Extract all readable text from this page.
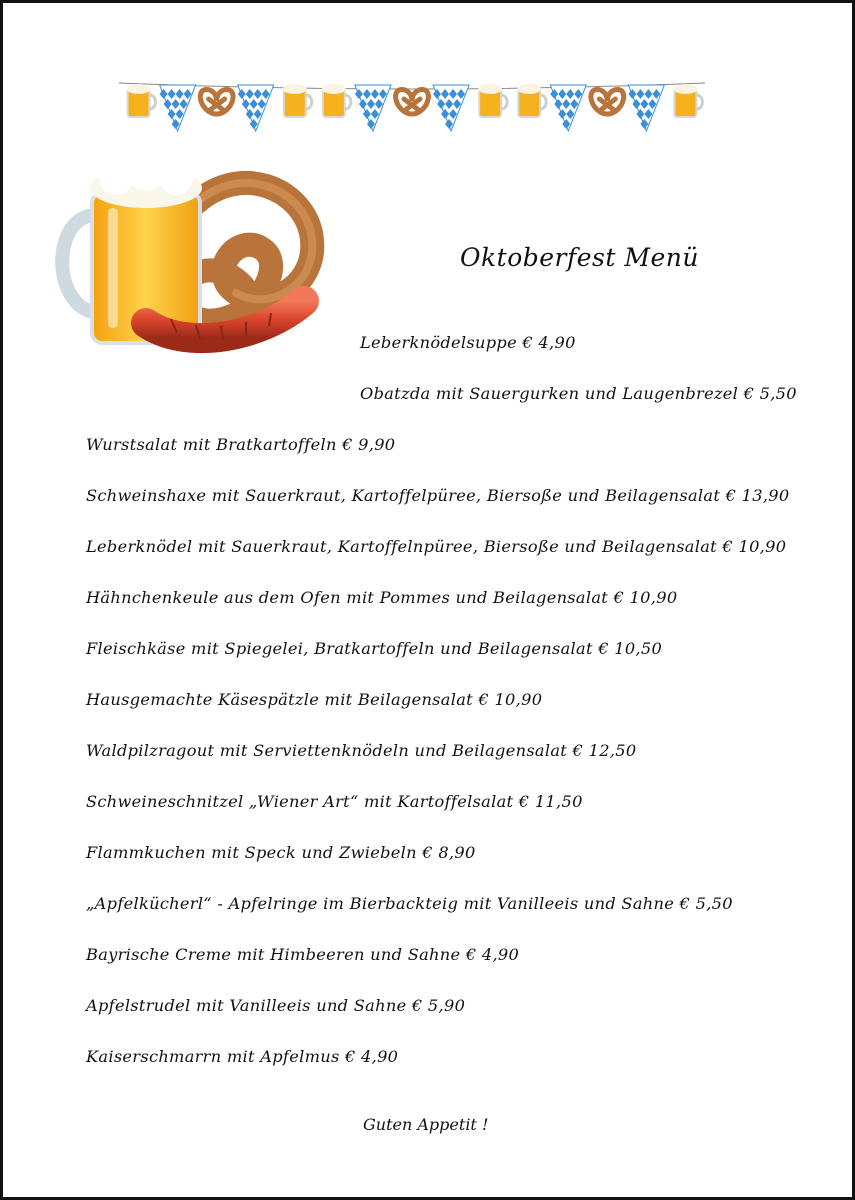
Oktoberfest Menü
Leberknödelsuppe € 4,90
Obatzda mit Sauergurken und Laugenbrezel € 5,50
Wurstsalat mit Bratkartoffeln € 9,90
Schweinshaxe mit Sauerkraut, Kartoffelpüree, Biersoße und Beilagensalat € 13,90
Leberknödel mit Sauerkraut, Kartoffelnpüree, Biersoße und Beilagensalat € 10,90
Hähnchenkeule aus dem Ofen mit Pommes und Beilagensalat € 10,90
Fleischkäse mit Spiegelei, Bratkartoffeln und Beilagensalat € 10,50
Hausgemachte Käsespätzle mit Beilagensalat € 10,90
Waldpilzragout mit Serviettenknödeln und Beilagensalat € 12,50
Schweineschnitzel „Wiener Art“ mit Kartoffelsalat € 11,50
Flammkuchen mit Speck und Zwiebeln € 8,90
„Apfelkücherl“ - Apfelringe im Bierbackteig mit Vanilleeis und Sahne € 5,50
Bayrische Creme mit Himbeeren und Sahne € 4,90
Apfelstrudel mit Vanilleeis und Sahne € 5,90
Kaiserschmarrn mit Apfelmus € 4,90
Guten Appetit !
